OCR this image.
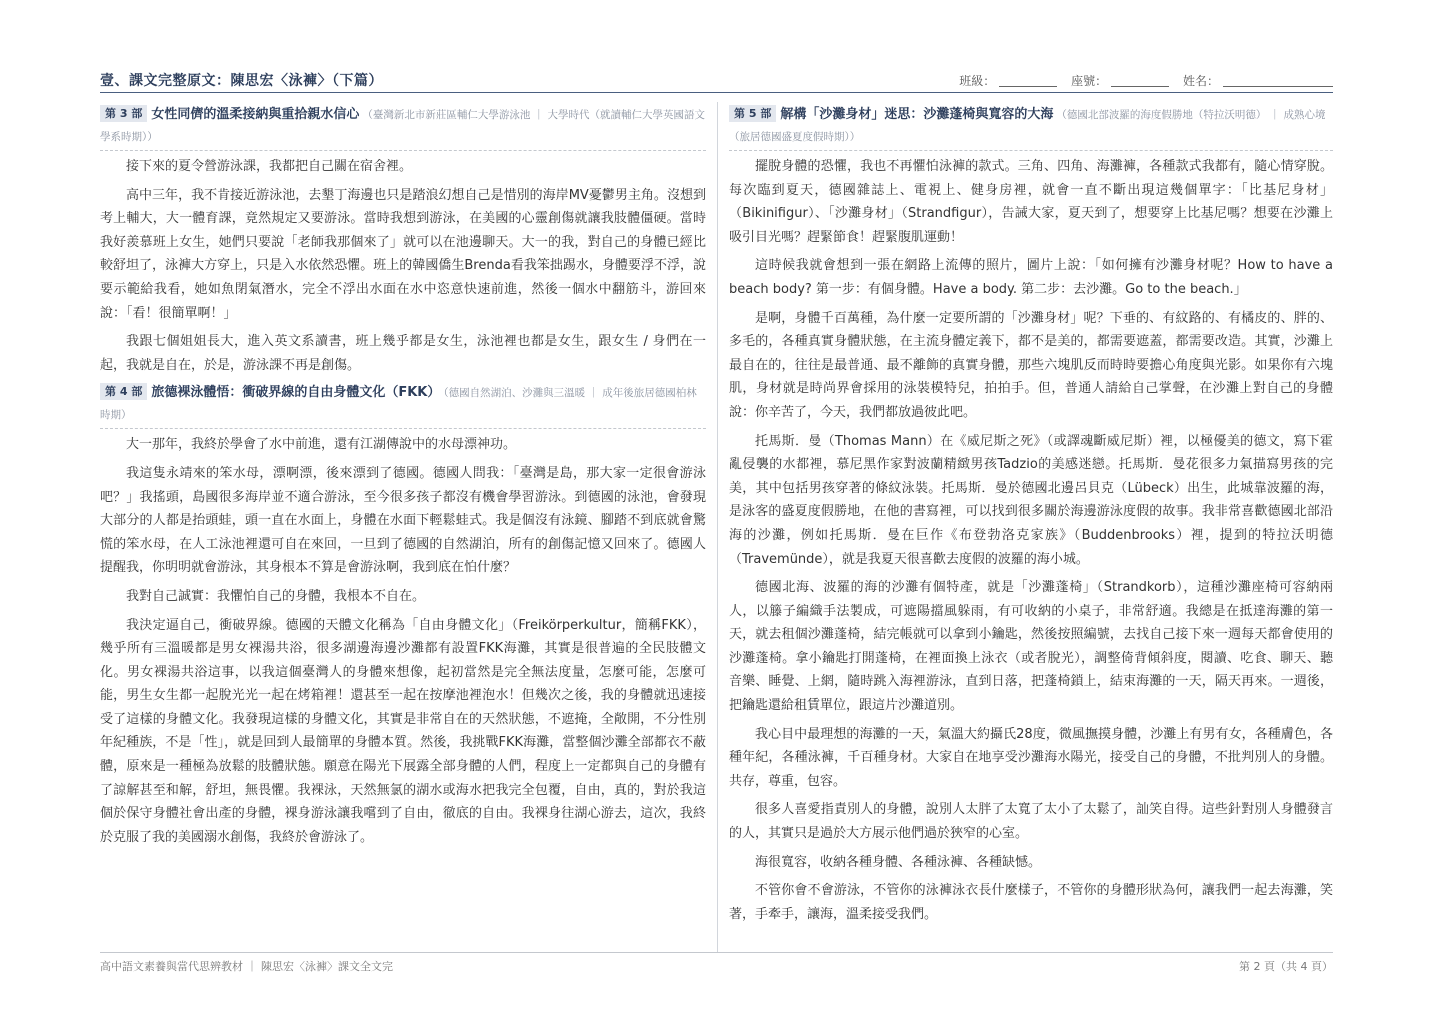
壹、課文完整原文：陳思宏〈泳褲〉（下篇）	班級：	座號：	姓名：
第 3 部 女性同儕的溫柔接納與重拾親水信心 （臺灣新北市新莊區輔仁大學游泳池 ｜ 大學時代（就讀輔仁大學英國語文學系時期））

接下來的夏令營游泳課，我都把自己關在宿舍裡。

高中三年，我不肯接近游泳池，去墾丁海邊也只是踏浪幻想自己是惜別的海岸MV憂鬱男主角。沒想到考上輔大，大一體育課，竟然規定又要游泳。當時我想到游泳，在美國的心靈創傷就讓我肢體僵硬。當時我好羨慕班上女生，她們只要說「老師我那個來了」就可以在池邊聊天。大一的我，對自己的身體已經比較舒坦了，泳褲大方穿上，只是入水依然恐懼。班上的韓國僑生Brenda看我笨拙踢水，身體要浮不浮，說要示範給我看，她如魚閉氣潛水，完全不浮出水面在水中恣意快速前進，然後一個水中翻筋斗，游回來說：「看！很簡單啊！」

我跟七個姐姐長大，進入英文系讀書，班上幾乎都是女生，泳池裡也都是女生，跟女生 / 身們在一起，我就是自在，於是，游泳課不再是創傷。

第 4 部 旅德裸泳體悟：衝破界線的自由身體文化（FKK） （德國自然湖泊、沙灘與三溫暖 ｜ 成年後旅居德國柏林時期）

大一那年，我終於學會了水中前進，還有江湖傳說中的水母漂神功。

我這隻永靖來的笨水母，漂啊漂，後來漂到了德國。德國人問我：「臺灣是島，那大家一定很會游泳吧？」我搖頭，島國很多海岸並不適合游泳，至今很多孩子都沒有機會學習游泳。到德國的泳池，會發現大部分的人都是抬頭蛙，頭一直在水面上，身體在水面下輕鬆蛙式。我是個沒有泳鏡、腳踏不到底就會驚慌的笨水母，在人工泳池裡還可自在來回，一旦到了德國的自然湖泊，所有的創傷記憶又回來了。德國人提醒我，你明明就會游泳，其身根本不算是會游泳啊，我到底在怕什麼？

我對自己誠實：我懼怕自己的身體，我根本不自在。

我決定逼自己，衝破界線。德國的天體文化稱為「自由身體文化」（Freikörperkultur，簡稱FKK），幾乎所有三溫暖都是男女裸湯共浴，很多湖邊海邊沙灘都有設置FKK海灘，其實是很普遍的全民肢體文化。男女裸湯共浴這事，以我這個臺灣人的身體來想像，起初當然是完全無法度量，怎麼可能，怎麼可能，男生女生都一起脫光光一起在烤箱裡！還甚至一起在按摩池裡泡水！但幾次之後，我的身體就迅速接受了這樣的身體文化。我發現這樣的身體文化，其實是非常自在的天然狀態，不遮掩，全敞開，不分性別年紀種族，不是「性」，就是回到人最簡單的身體本質。然後，我挑戰FKK海灘，當整個沙灘全部都衣不蔽體，原來是一種極為放鬆的肢體狀態。願意在陽光下展露全部身體的人們，程度上一定都與自己的身體有了諒解甚至和解，舒坦，無畏懼。我裸泳，天然無氯的湖水或海水把我完全包覆，自由，真的，對於我這個於保守身體社會出產的身體，裸身游泳讓我嚐到了自由，徹底的自由。我裸身往湖心游去，這次，我終於克服了我的美國溺水創傷，我終於會游泳了。

第 5 部 解構「沙灘身材」迷思：沙灘蓬椅與寬容的大海 （德國北部波羅的海度假勝地（特拉沃明德） ｜ 成熟心境（旅居德國盛夏度假時期））

擺脫身體的恐懼，我也不再懼怕泳褲的款式。三角、四角、海灘褲，各種款式我都有，隨心情穿脫。每次臨到夏天，德國雜誌上、電視上、健身房裡，就會一直不斷出現這幾個單字：「比基尼身材」（Bikinifigur）、「沙灘身材」（Strandfigur），告誡大家，夏天到了，想要穿上比基尼嗎？想要在沙灘上吸引目光嗎？趕緊節食！趕緊腹肌運動！

這時候我就會想到一張在網路上流傳的照片，圖片上說：「如何擁有沙灘身材呢？How to have a beach body? 第一步：有個身體。Have a body. 第二步：去沙灘。Go to the beach.」

是啊，身體千百萬種，為什麼一定要所謂的「沙灘身材」呢？下垂的、有紋路的、有橘皮的、胖的、多毛的，各種真實身體狀態，在主流身體定義下，都不是美的，都需要遮蓋，都需要改造。其實，沙灘上最自在的，往往是最普通、最不離飾的真實身體，那些六塊肌反而時時要擔心角度與光影。如果你有六塊肌，身材就是時尚界會採用的泳裝模特兒，拍拍手。但，普通人請給自己掌聲，在沙灘上對自己的身體說：你辛苦了，今天，我們都放過彼此吧。

托馬斯．曼（Thomas Mann）在《威尼斯之死》（或譯魂斷威尼斯）裡，以極優美的德文，寫下霍亂侵襲的水都裡，慕尼黑作家對波蘭精緻男孩Tadzio的美感迷戀。托馬斯．曼花很多力氣描寫男孩的完美，其中包括男孩穿著的條紋泳裝。托馬斯．曼於德國北邊呂貝克（Lübeck）出生，此城靠波羅的海，是泳客的盛夏度假勝地，在他的書寫裡，可以找到很多關於海邊游泳度假的故事。我非常喜歡德國北部沿海的沙灘，例如托馬斯．曼在巨作《布登勃洛克家族》（Buddenbrooks）裡，提到的特拉沃明德（Travemünde），就是我夏天很喜歡去度假的波羅的海小城。

德國北海、波羅的海的沙灘有個特產，就是「沙灘蓬椅」（Strandkorb），這種沙灘座椅可容納兩人，以籐子編織手法製成，可遮陽擋風躲雨，有可收納的小桌子，非常舒適。我總是在抵達海灘的第一天，就去租個沙灘蓬椅，結完帳就可以拿到小鑰匙，然後按照編號，去找自己接下來一週每天都會使用的沙灘蓬椅。拿小鑰匙打開蓬椅，在裡面換上泳衣（或者脫光），調整倚背傾斜度，閱讀、吃食、聊天、聽音樂、睡覺、上網，隨時跳入海裡游泳，直到日落，把蓬椅鎖上，結束海灘的一天，隔天再來。一週後，把鑰匙還給租賃單位，跟這片沙灘道別。

我心目中最理想的海灘的一天，氣溫大約攝氏28度，微風撫摸身體，沙灘上有男有女，各種膚色，各種年紀，各種泳褲，千百種身材。大家自在地享受沙灘海水陽光，接受自己的身體，不批判別人的身體。共存，尊重，包容。

很多人喜愛指責別人的身體，說別人太胖了太寬了太小了太鬆了，訕笑自得。這些針對別人身體發言的人，其實只是過於大方展示他們過於狹窄的心室。

海很寬容，收納各種身體、各種泳褲、各種缺憾。

不管你會不會游泳，不管你的泳褲泳衣長什麼樣子，不管你的身體形狀為何，讓我們一起去海灘，笑著，手牽手，讓海，溫柔接受我們。

高中語文素養與當代思辨教材 ｜ 陳思宏〈泳褲〉課文全文完	第 2 頁（共 4 頁）
